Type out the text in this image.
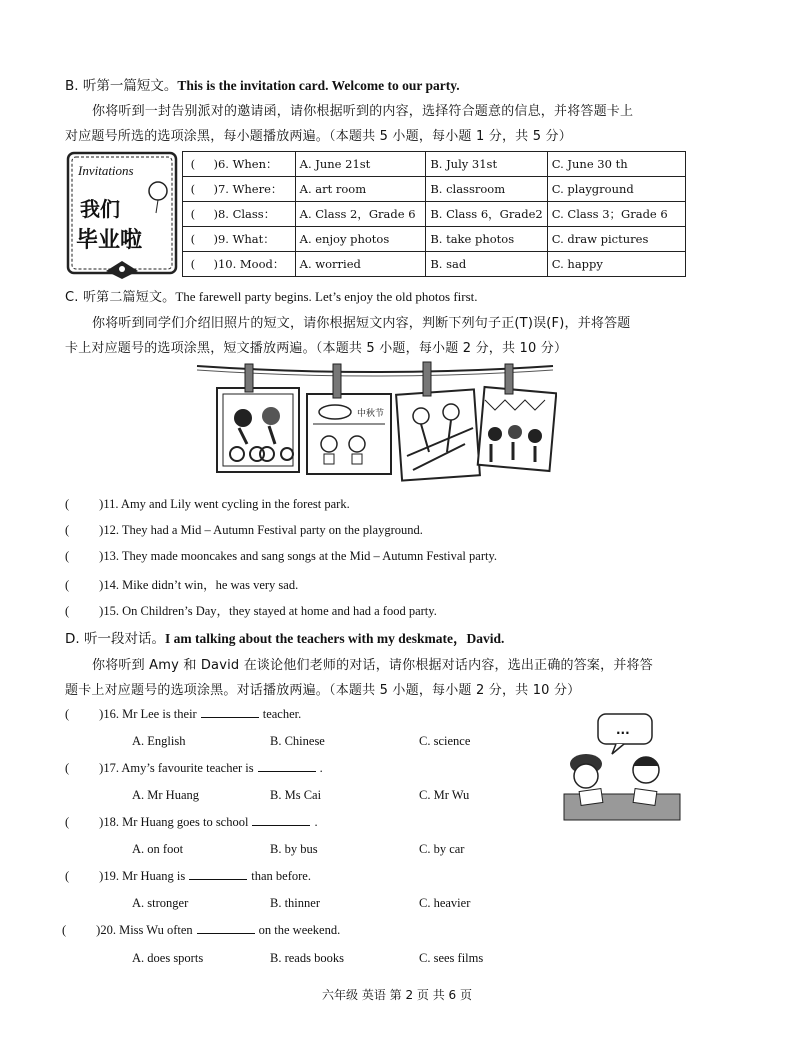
B. 听第一篇短文。This is the invitation card. Welcome to our party.
你将听到一封告别派对的邀请函，请你根据听到的内容，选择符合题意的信息，并将答题卡上
对应题号所选的选项涂黑，每小题播放两遍。（本题共 5 小题，每小题 1 分，共 5 分）
Invitations
我们
毕业啦
( )6. When：	A. June 21st	B. July 31st	C. June 30 th
( )7. Where：	A. art room	B. classroom	C. playground
( )8. Class：	A. Class 2，Grade 6	B. Class 6，Grade2	C. Class 3；Grade 6
( )9. What：	A. enjoy photos	B. take photos	C. draw pictures
( )10. Mood：	A. worried	B. sad	C. happy
C. 听第二篇短文。The farewell party begins. Let’s enjoy the old photos first.
你将听到同学们介绍旧照片的短文，请你根据短文内容，判断下列句子正(T)误(F)，并将答题
卡上对应题号的选项涂黑，短文播放两遍。（本题共 5 小题，每小题 2 分，共 10 分）
中秋节
( )11. Amy and Lily went cycling in the forest park.
( )12. They had a Mid – Autumn Festival party on the playground.
( )13. They made mooncakes and sang songs at the Mid – Autumn Festival party.
( )14. Mike didn’t win，he was very sad.
( )15. On Children’s Day，they stayed at home and had a food party.
D. 听一段对话。I am talking about the teachers with my deskmate，David.
你将听到 Amy 和 David 在谈论他们老师的对话，请你根据对话内容，选出正确的答案，并将答
题卡上对应题号的选项涂黑。对话播放两遍。（本题共 5 小题，每小题 2 分，共 10 分）
( )16. Mr Lee is their	teacher.
A. English	B. Chinese	C. science
( )17. Amy’s favourite teacher is	.
A. Mr Huang	B. Ms Cai	C. Mr Wu
( )18. Mr Huang goes to school	.
A. on foot	B. by bus	C. by car
( )19. Mr Huang is	than before.
A. stronger	B. thinner	C. heavier
( )20. Miss Wu often	on the weekend.
A. does sports	B. reads books	C. sees films
...
六年级 英语 第 2 页 共 6 页
